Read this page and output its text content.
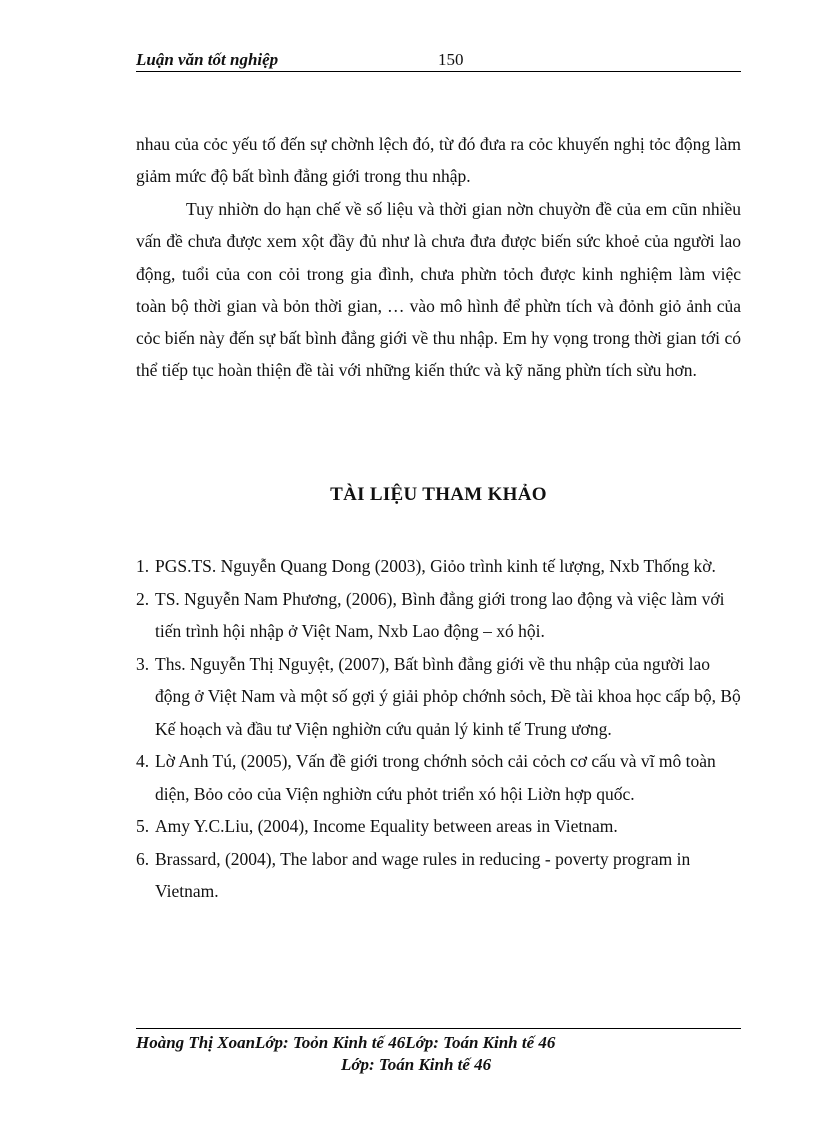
Luận văn tốt nghiệp	150

nhau của cỏc yếu tố đến sự chờnh lệch đó, từ đó đưa ra cỏc khuyến nghị tỏc động làm giảm mức độ bất bình đẳng giới trong thu nhập.

Tuy nhiờn do hạn chế về số liệu và thời gian nờn chuyờn đề của em cũn nhiều vấn đề chưa được xem xột đầy đủ như là chưa đưa được biến sức khoẻ của người lao động, tuổi của con cỏi trong gia đình, chưa phừn tỏch được kinh nghiệm làm việc toàn bộ thời gian và bỏn thời gian, … vào mô hình để phừn tích và đỏnh giỏ ảnh của cỏc biến này đến sự bất bình đẳng giới về thu nhập. Em hy vọng trong thời gian tới có thể tiếp tục hoàn thiện đề tài với những kiến thức và kỹ năng phừn tích sừu hơn.

TÀI LIỆU THAM KHẢO
1. PGS.TS. Nguyễn Quang Dong (2003), Giỏo trình kinh tế lượng, Nxb Thống kờ.
2. TS. Nguyễn Nam Phương, (2006), Bình đẳng giới trong lao động và việc làm với tiến trình hội nhập ở Việt Nam, Nxb Lao động – xó hội.
3. Ths. Nguyễn Thị Nguyệt, (2007), Bất bình đẳng giới về thu nhập của người lao động ở Việt Nam và một số gợi ý giải phỏp chớnh sỏch, Đề tài khoa học cấp bộ, Bộ Kế hoạch và đầu tư Viện nghiờn cứu quản lý kinh tế Trung ương.
4. Lờ Anh Tú, (2005), Vấn đề giới trong chớnh sỏch cải cỏch cơ cấu và vĩ mô toàn diện, Bỏo cỏo của Viện nghiờn cứu phỏt triển xó hội Liờn hợp quốc.
5. Amy Y.C.Liu, (2004), Income Equality between areas in Vietnam.
6. Brassard, (2004), The labor and wage rules in reducing - poverty program in Vietnam.
Hoàng Thị XoanLớp: Toỏn Kinh tế 46Lớp: Toán Kinh tế 46
Lớp: Toán Kinh tế 46
